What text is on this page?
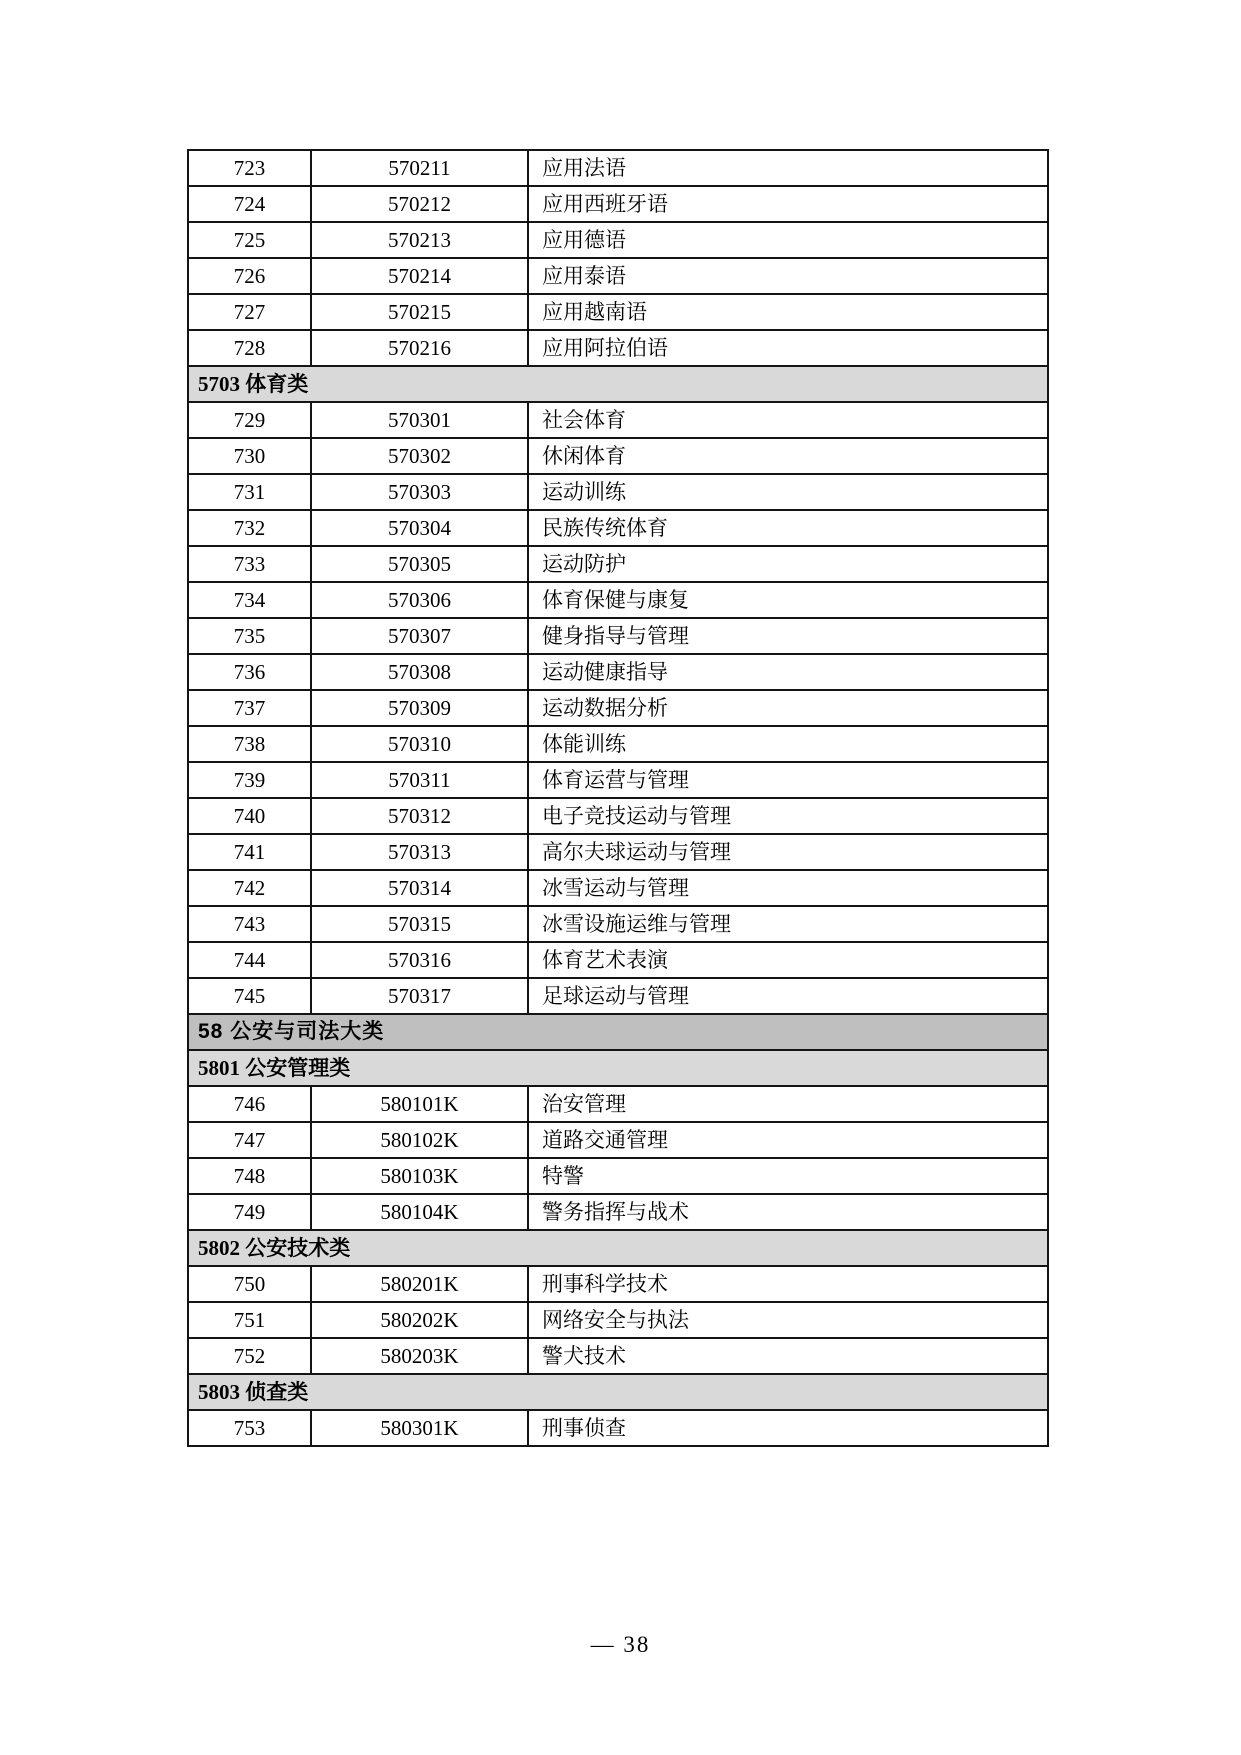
723	570211	应用法语
724	570212	应用西班牙语
725	570213	应用德语
726	570214	应用泰语
727	570215	应用越南语
728	570216	应用阿拉伯语
5703 体育类		
729	570301	社会体育
730	570302	休闲体育
731	570303	运动训练
732	570304	民族传统体育
733	570305	运动防护
734	570306	体育保健与康复
735	570307	健身指导与管理
736	570308	运动健康指导
737	570309	运动数据分析
738	570310	体能训练
739	570311	体育运营与管理
740	570312	电子竞技运动与管理
741	570313	高尔夫球运动与管理
742	570314	冰雪运动与管理
743	570315	冰雪设施运维与管理
744	570316	体育艺术表演
745	570317	足球运动与管理
58 公安与司法大类		
5801 公安管理类		
746	580101K	治安管理
747	580102K	道路交通管理
748	580103K	特警
749	580104K	警务指挥与战术
5802 公安技术类		
750	580201K	刑事科学技术
751	580202K	网络安全与执法
752	580203K	警犬技术
5803 侦查类		
753	580301K	刑事侦查
— 38
